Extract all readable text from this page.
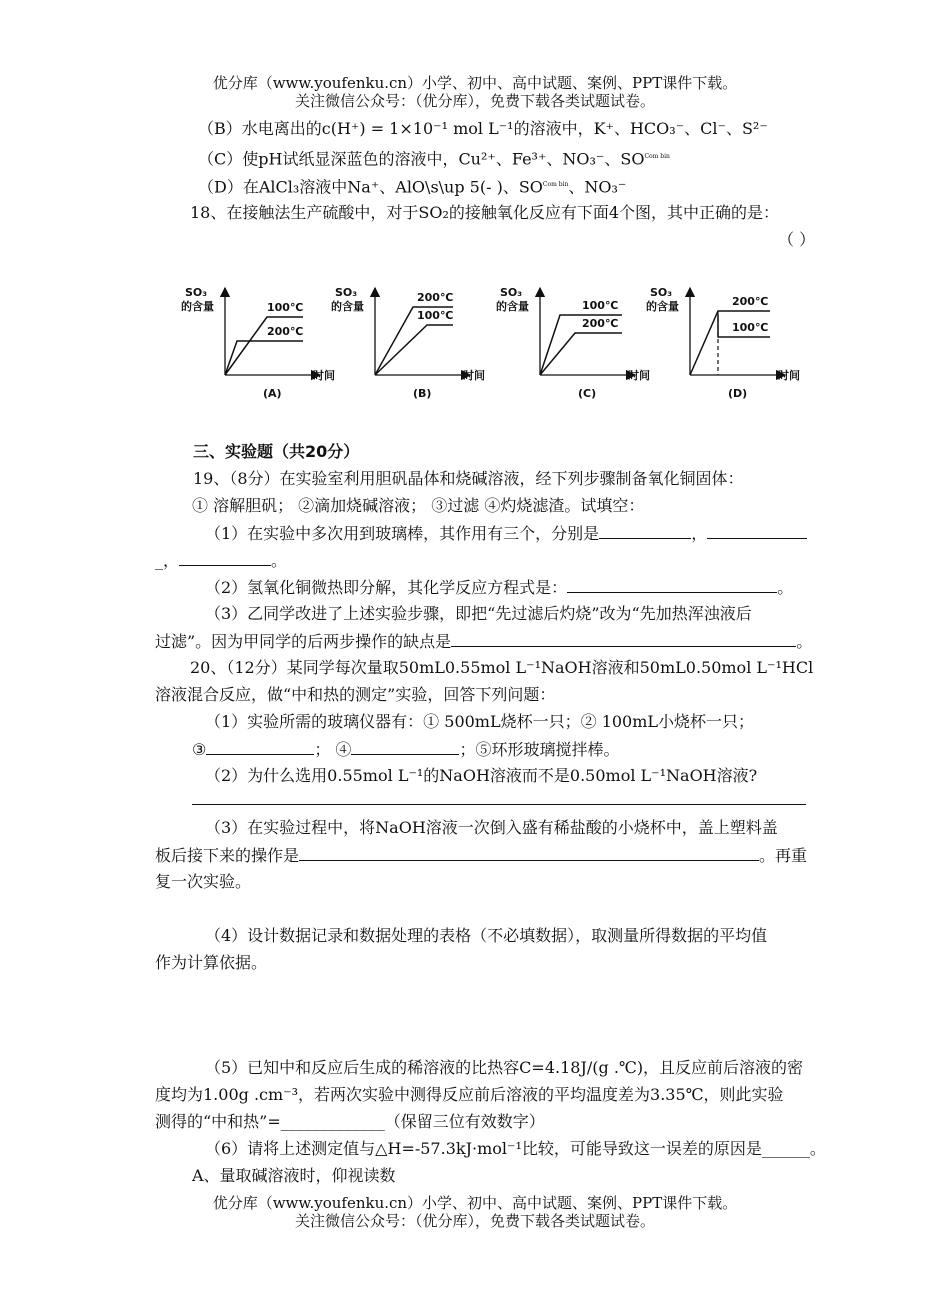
优分库（www.youfenku.cn）小学、初中、高中试题、案例、PPT课件下载。
关注微信公众号：（优分库），免费下载各类试题试卷。
（B）水电离出的c(H⁺) = 1×10⁻¹ mol L⁻¹的溶液中，K⁺、HCO₃⁻、Cl⁻、S²⁻
（C）使pH试纸显深蓝色的溶液中，Cu²⁺、Fe³⁺、NO₃⁻、$SO^{Com bin}$
（D）在AlCl₃溶液中Na⁺、AlO\s\up 5(- )、$SO^{Com bin}$、NO₃⁻
18、在接触法生产硫酸中，对于SO₂的接触氧化反应有下面4个图，其中正确的是：
（ ）
SO₃
的含量
时间
100℃
200℃
(A)
SO₃
的含量
时间
200℃
100℃
(B)
SO₃
的含量
时间
100℃
200℃
(C)
SO₃
的含量
时间
200℃
100℃
(D)
三、实验题（共20分）
19、（8分）在实验室利用胆矾晶体和烧碱溶液，经下列步骤制备氧化铜固体：
① 溶解胆矾； ②滴加烧碱溶液； ③过滤 ④灼烧滤渣。试填空：
（1）在实验中多次用到玻璃棒，其作用有三个，分别是	，
_，	。
（2）氢氧化铜微热即分解，其化学反应方程式是：	。
（3）乙同学改进了上述实验步骤，即把“先过滤后灼烧”改为“先加热浑浊液后
过滤”。因为甲同学的后两步操作的缺点是	。
20、（12分）某同学每次量取50mL0.55mol L⁻¹NaOH溶液和50mL0.50mol L⁻¹HCl
溶液混合反应，做“中和热的测定”实验，回答下列问题：
（1）实验所需的玻璃仪器有：① 500mL烧杯一只；② 100mL小烧杯一只；
③	； ④	；⑤环形玻璃搅拌棒。
（2）为什么选用0.55mol L⁻¹的NaOH溶液而不是0.50mol L⁻¹NaOH溶液?
（3）在实验过程中，将NaOH溶液一次倒入盛有稀盐酸的小烧杯中，盖上塑料盖
板后接下来的操作是	。再重
复一次实验。
（4）设计数据记录和数据处理的表格（不必填数据），取测量所得数据的平均值
作为计算依据。
（5）已知中和反应后生成的稀溶液的比热容C=4.18J/(g .℃)，且反应前后溶液的密
度均为1.00g .cm⁻³，若两次实验中测得反应前后溶液的平均温度差为3.35℃，则此实验
测得的“中和热”=_____________（保留三位有效数字）
（6）请将上述测定值与△H=-57.3kJ·mol⁻¹比较，可能导致这一误差的原因是______。
A、量取碱溶液时，仰视读数
优分库（www.youfenku.cn）小学、初中、高中试题、案例、PPT课件下载。
关注微信公众号：（优分库），免费下载各类试题试卷。
